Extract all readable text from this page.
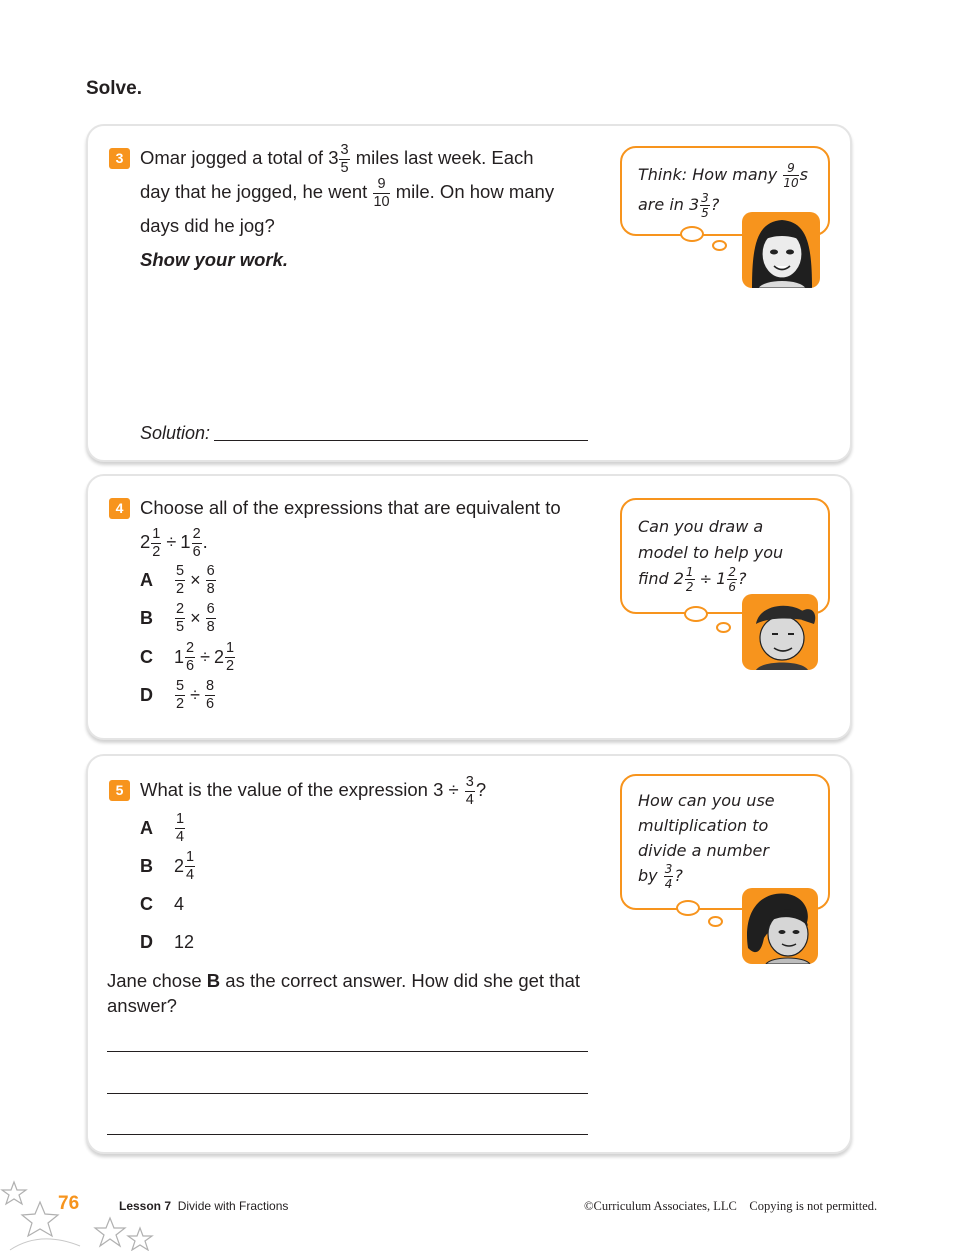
Solve.
3 Omar jogged a total of $3 \frac{3}{5}$ miles last week. Each
day that he jogged, he went $\frac{9}{10}$ mile. On how many
days did he jog?
Show your work.
Solution:
Think: How many $\frac{9}{10}$ s
are in $3 \frac{3}{5}$ ?
4 Choose all of the expressions that are equivalent to
$2 \frac{1}{2} \div 1 \frac{2}{6}$ .
A	$\frac{5}{2} \times \frac{6}{8}$
B	$\frac{2}{5} \times \frac{6}{8}$
C	$1 \frac{2}{6} \div 2 \frac{1}{2}$
D	$\frac{5}{2} \div \frac{8}{6}$
Can you draw a
model to help you
find $2 \frac{1}{2} \div 1 \frac{2}{6}$ ?
5 What is the value of the expression $3 \div \frac{3}{4}$ ?
A	$\frac{1}{4}$
B	$2 \frac{1}{4}$
C	4
D	12
Jane chose B as the correct answer. How did she get that answer?
How can you use
multiplication to
divide a number
by $\frac{3}{4}$ ?
76	Lesson 7 Divide with Fractions	©Curriculum Associates, LLC Copying is not permitted.
